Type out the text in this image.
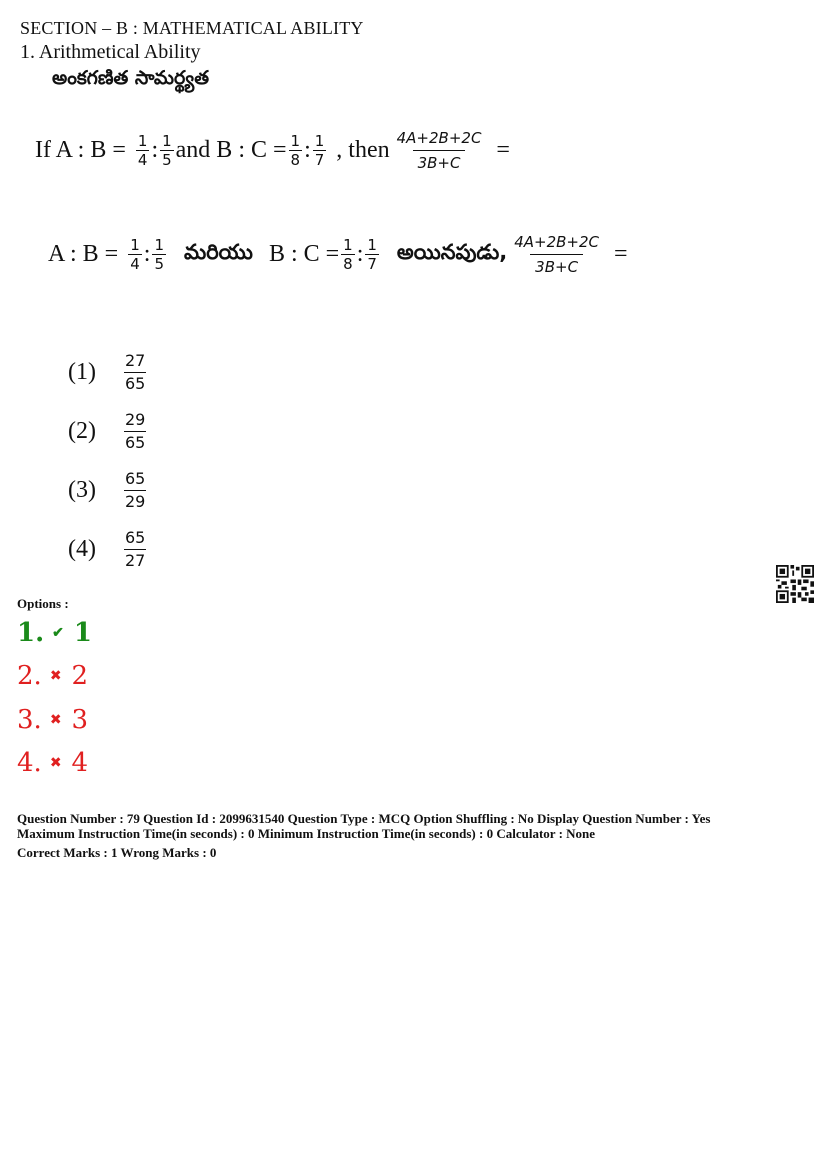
SECTION – B : MATHEMATICAL ABILITY
1. Arithmetical Ability
అంకగణిత సామర్థ్యత
If A : $B = \frac{1}{4}$ : $\frac{1}{5}$ and B : $C = \frac{1}{8}$ : $\frac{1}{7}$ , then $\frac{4A+2B+2C}{3B+C}$ =
A : $B = \frac{1}{4}$ : $\frac{1}{5}$ మరియు B : $C = \frac{1}{8}$ : $\frac{1}{7}$ అయినపుడు, $\frac{4A+2B+2C}{3B+C}$ =
(1)	$\frac{27}{65}$
(2)	$\frac{29}{65}$
(3)	$\frac{65}{29}$
(4)	$\frac{65}{27}$
Options :
1. ✔ 1
2. ✖ 2
3. ✖ 3
4. ✖ 4
Question Number : 79 Question Id : 2099631540 Question Type : MCQ Option Shuffling : No Display Question Number : Yes
Maximum Instruction Time(in seconds) : 0 Minimum Instruction Time(in seconds) : 0 Calculator : None
Correct Marks : 1 Wrong Marks : 0
